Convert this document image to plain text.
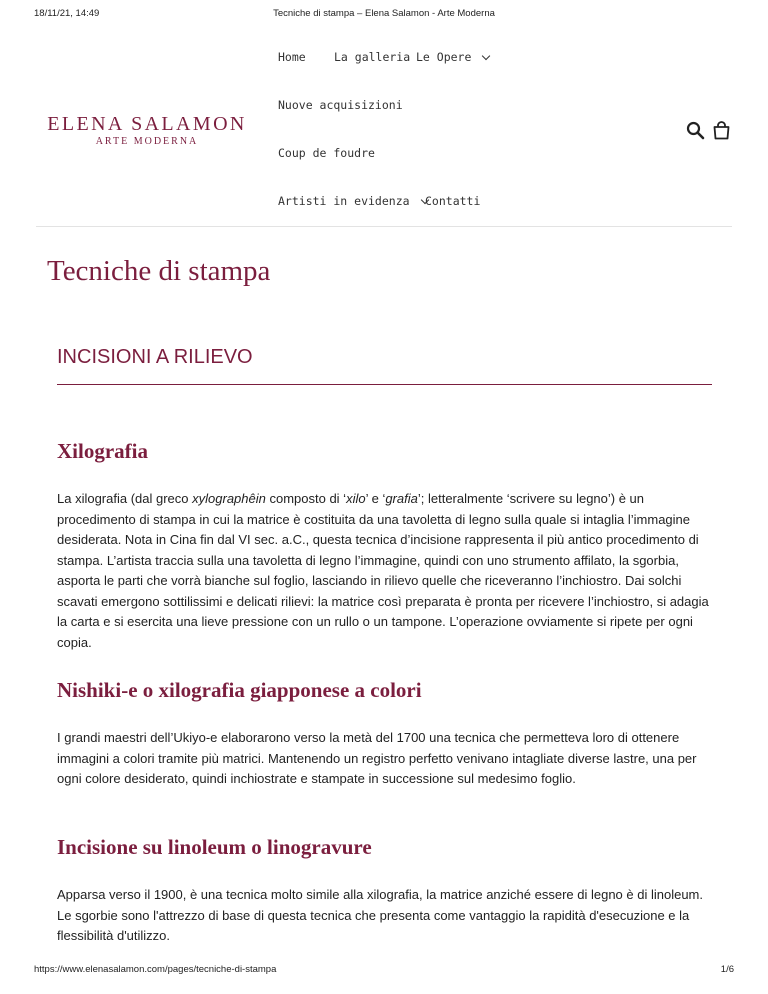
18/11/21, 14:49	Tecniche di stampa – Elena Salamon - Arte Moderna
ELENA SALAMON
ARTE MODERNA
Home La galleria Le Opere
Nuove acquisizioni
Coup de foudre
Artisti in evidenza Contatti
Tecniche di stampa
INCISIONI A RILIEVO
Xilografia

La xilografia (dal greco xylographêin composto di ‘xilo’ e ‘grafia’; letteralmente ‘scrivere su legno’) è un procedimento di stampa in cui la matrice è costituita da una tavoletta di legno sulla quale si intaglia l’immagine desiderata. Nota in Cina fin dal VI sec. a.C., questa tecnica d’incisione rappresenta il più antico procedimento di stampa. L’artista traccia sulla una tavoletta di legno l’immagine, quindi con uno strumento affilato, la sgorbia, asporta le parti che vorrà bianche sul foglio, lasciando in rilievo quelle che riceveranno l’inchiostro. Dai solchi scavati emergono sottilissimi e delicati rilievi: la matrice così preparata è pronta per ricevere l’inchiostro, si adagia la carta e si esercita una lieve pressione con un rullo o un tampone. L’operazione ovviamente si ripete per ogni copia.

Nishiki-e o xilografia giapponese a colori

I grandi maestri dell’Ukiyo-e elaborarono verso la metà del 1700 una tecnica che permetteva loro di ottenere immagini a colori tramite più matrici. Mantenendo un registro perfetto venivano intagliate diverse lastre, una per ogni colore desiderato, quindi inchiostrate e stampate in successione sul medesimo foglio.

Incisione su linoleum o linogravure

Apparsa verso il 1900, è una tecnica molto simile alla xilografia, la matrice anziché essere di legno è di linoleum. Le sgorbie sono l'attrezzo di base di questa tecnica che presenta come vantaggio la rapidità d'esecuzione e la flessibilità d'utilizzo.

https://www.elenasalamon.com/pages/tecniche-di-stampa	1/6
